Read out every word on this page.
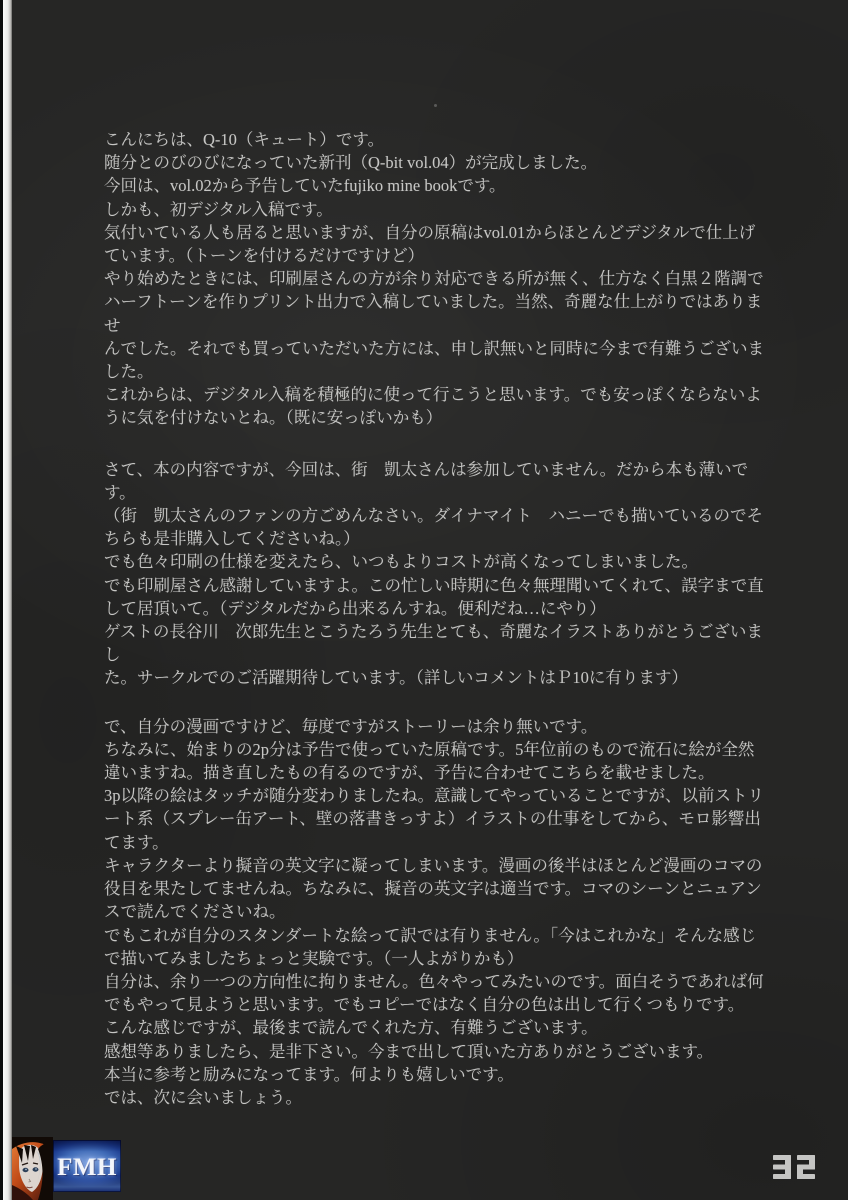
こんにちは、Q-10（キュート）です。
随分とのびのびになっていた新刊（Q-bit vol.04）が完成しました。
今回は、vol.02から予告していたfujiko mine bookです。
しかも、初デジタル入稿です。
気付いている人も居ると思いますが、自分の原稿はvol.01からほとんどデジタルで仕上げ
ています。（トーンを付けるだけですけど）
やり始めたときには、印刷屋さんの方が余り対応できる所が無く、仕方なく白黒２階調で
ハーフトーンを作りプリント出力で入稿していました。当然、奇麗な仕上がりではありませ
んでした。それでも買っていただいた方には、申し訳無いと同時に今まで有難うございま
した。
これからは、デジタル入稿を積極的に使って行こうと思います。でも安っぽくならないよ
うに気を付けないとね。（既に安っぽいかも）

さて、本の内容ですが、今回は、街　凱太さんは参加していません。だから本も薄いです。
（街　凱太さんのファンの方ごめんなさい。ダイナマイト　ハニーでも描いているのでそ
ちらも是非購入してくださいね。）
でも色々印刷の仕様を変えたら、いつもよりコストが高くなってしまいました。
でも印刷屋さん感謝していますよ。この忙しい時期に色々無理聞いてくれて、誤字まで直
して居頂いて。（デジタルだから出来るんすね。便利だね…にやり）
ゲストの長谷川　次郎先生とこうたろう先生とても、奇麗なイラストありがとうございまし
た。サークルでのご活躍期待しています。（詳しいコメントはＰ10に有ります）

で、自分の漫画ですけど、毎度ですがストーリーは余り無いです。
ちなみに、始まりの2p分は予告で使っていた原稿です。5年位前のもので流石に絵が全然
違いますね。描き直したもの有るのですが、予告に合わせてこちらを載せました。
3p以降の絵はタッチが随分変わりましたね。意識してやっていることですが、以前ストリ
ート系（スプレー缶アート、壁の落書きっすよ）イラストの仕事をしてから、モロ影響出
てます。
キャラクターより擬音の英文字に凝ってしまいます。漫画の後半はほとんど漫画のコマの
役目を果たしてませんね。ちなみに、擬音の英文字は適当です。コマのシーンとニュアン
スで読んでくださいね。
でもこれが自分のスタンダートな絵って訳では有りません。「今はこれかな」そんな感じ
で描いてみましたちょっと実験です。（一人よがりかも）
自分は、余り一つの方向性に拘りません。色々やってみたいのです。面白そうであれば何
でもやって見ようと思います。でもコピーではなく自分の色は出して行くつもりです。
こんな感じですが、最後まで読んでくれた方、有難うございます。
感想等ありましたら、是非下さい。今まで出して頂いた方ありがとうございます。
本当に参考と励みになってます。何よりも嬉しいです。
では、次に会いましょう。

FMH
